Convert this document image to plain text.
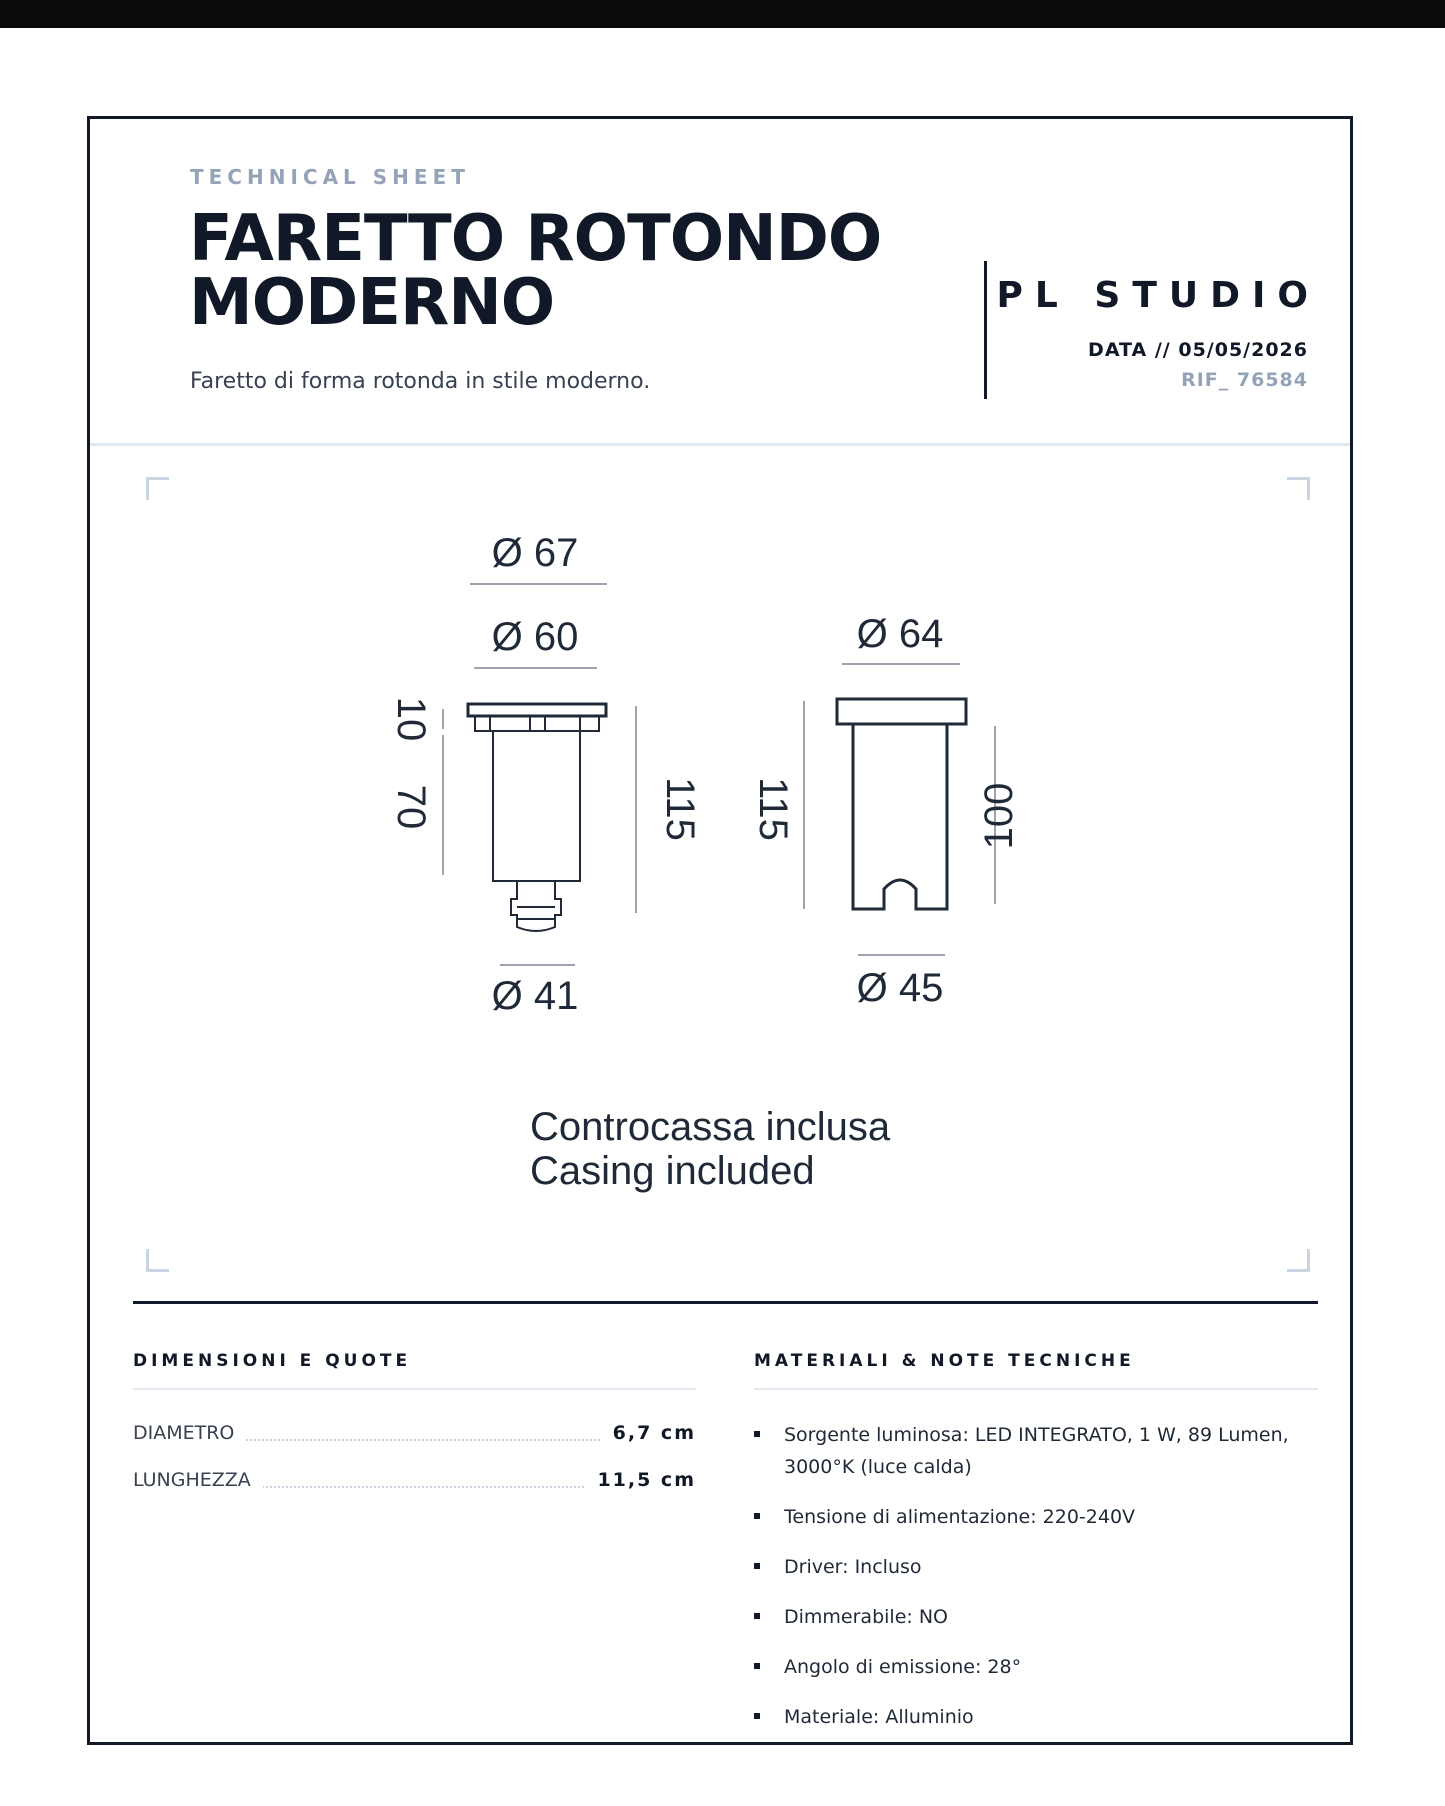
TECHNICAL SHEET
FARETTO ROTONDO
MODERNO
Faretto di forma rotonda in stile moderno.
PL STUDIO
DATA // 05/05/2026
RIF_ 76584
Ø 67
Ø 60
10
70	115
Ø 41
Ø 64
115	100
Ø 45
Controcassa inclusa
Casing included
DIMENSIONI E QUOTE
DIAMETRO	6,7 cm
LUNGHEZZA	11,5 cm
MATERIALI & NOTE TECNICHE
Sorgente luminosa: LED INTEGRATO, 1 W, 89 Lumen, 3000°K (luce calda)
Tensione di alimentazione: 220-240V
Driver: Incluso
Dimmerabile: NO
Angolo di emissione: 28°
Materiale: Alluminio
